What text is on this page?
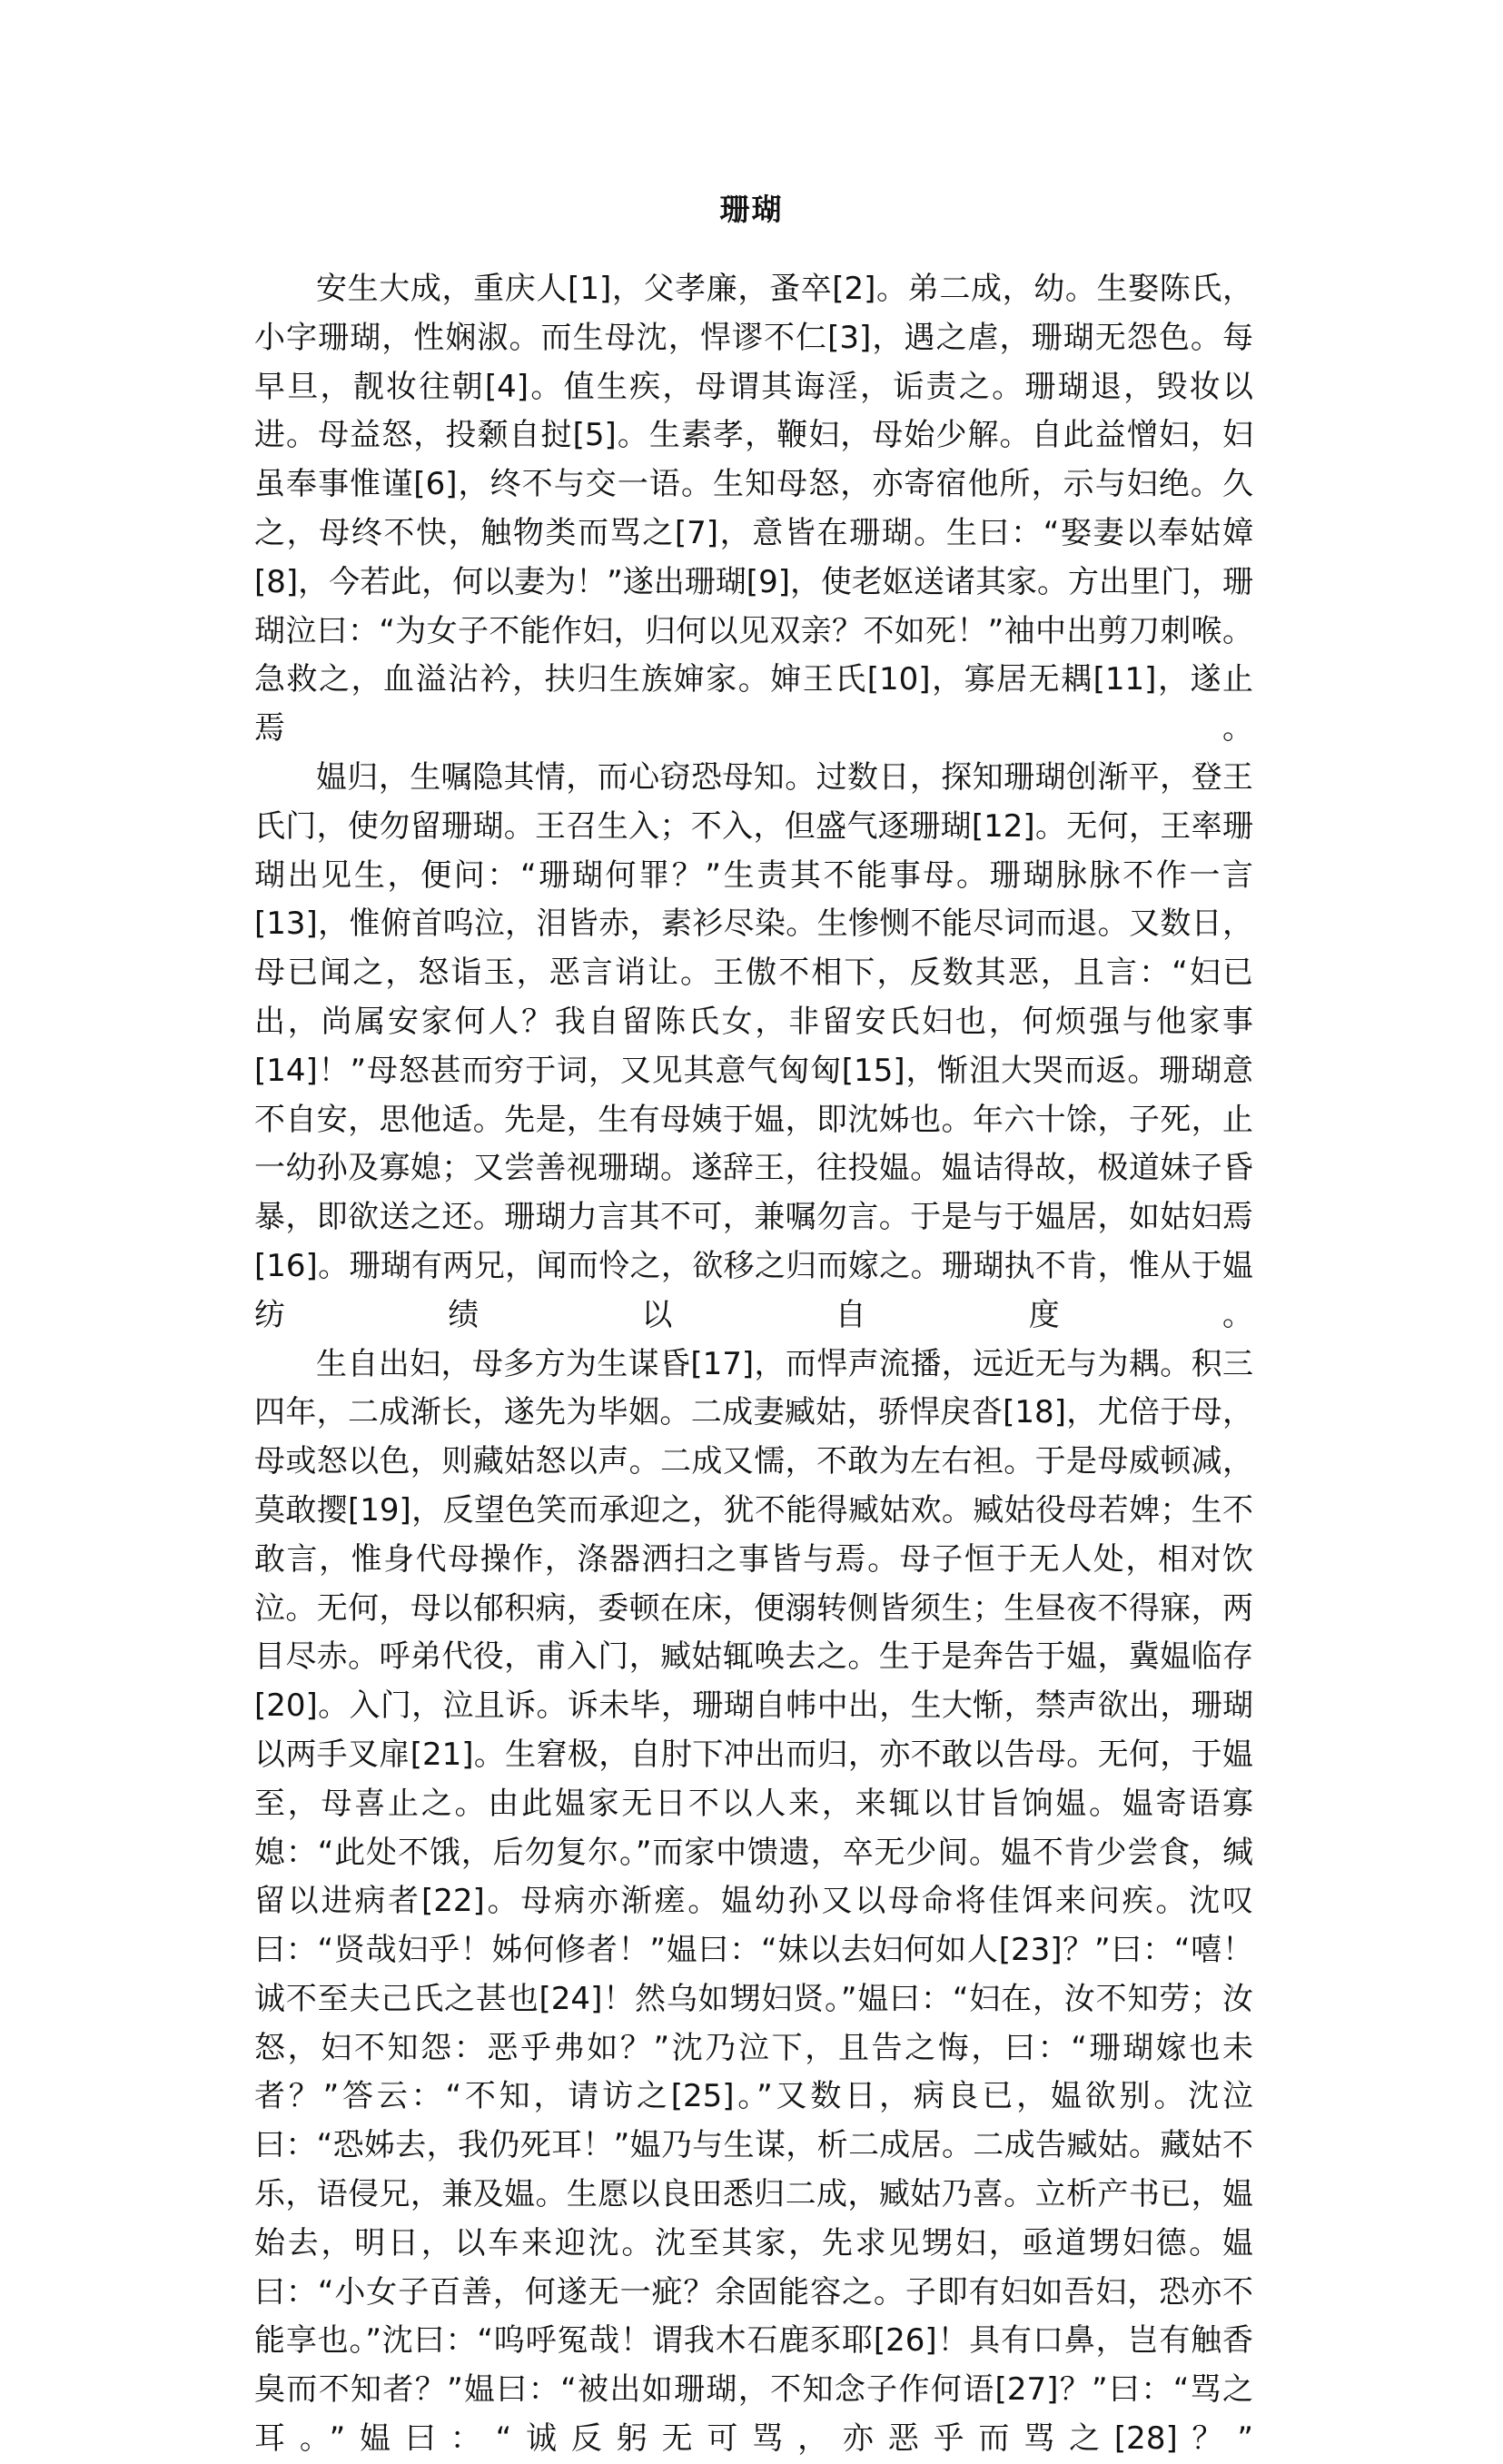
珊瑚

安生大成，重庆人[1]，父孝廉，蚤卒[2]。弟二成，幼。生娶陈氏，小字珊瑚，性娴淑。而生母沈，悍谬不仁[3]，遇之虐，珊瑚无怨色。每早旦，靓妆往朝[4]。值生疾，母谓其诲淫，诟责之。珊瑚退，毁妆以进。母益怒，投颡自挝[5]。生素孝，鞭妇，母始少解。自此益憎妇，妇虽奉事惟谨[6]，终不与交一语。生知母怒，亦寄宿他所，示与妇绝。久之，母终不快，触物类而骂之[7]，意皆在珊瑚。生曰：“娶妻以奉姑嫜[8]，今若此，何以妻为！”遂出珊瑚[9]，使老妪送诸其家。方出里门，珊瑚泣曰：“为女子不能作妇，归何以见双亲？不如死！”袖中出剪刀刺喉。急救之，血溢沾衿，扶归生族婶家。婶王氏[10]，寡居无耦[11]，遂止焉。

媪归，生嘱隐其情，而心窃恐母知。过数日，探知珊瑚创渐平，登王氏门，使勿留珊瑚。王召生入；不入，但盛气逐珊瑚[12]。无何，王率珊瑚出见生，便问：“珊瑚何罪？”生责其不能事母。珊瑚脉脉不作一言[13]，惟俯首呜泣，泪皆赤，素衫尽染。生惨恻不能尽词而退。又数日，母已闻之，怒诣玉，恶言诮让。王傲不相下，反数其恶，且言：“妇已出，尚属安家何人？我自留陈氏女，非留安氏妇也，何烦强与他家事[14]！”母怒甚而穷于词，又见其意气匈匈[15]，惭沮大哭而返。珊瑚意不自安，思他适。先是，生有母姨于媪，即沈姊也。年六十馀，子死，止一幼孙及寡媳；又尝善视珊瑚。遂辞王，往投媪。媪诘得故，极道妹子昏暴，即欲送之还。珊瑚力言其不可，兼嘱勿言。于是与于媪居，如姑妇焉[16]。珊瑚有两兄，闻而怜之，欲移之归而嫁之。珊瑚执不肯，惟从于媪纺绩以自度。

生自出妇，母多方为生谋昏[17]，而悍声流播，远近无与为耦。积三四年，二成渐长，遂先为毕姻。二成妻臧姑，骄悍戾沓[18]，尤倍于母，母或怒以色，则藏姑怒以声。二成又懦，不敢为左右袒。于是母威顿减，莫敢撄[19]，反望色笑而承迎之，犹不能得臧姑欢。臧姑役母若婢；生不敢言，惟身代母操作，涤器洒扫之事皆与焉。母子恒于无人处，相对饮泣。无何，母以郁积病，委顿在床，便溺转侧皆须生；生昼夜不得寐，两目尽赤。呼弟代役，甫入门，臧姑辄唤去之。生于是奔告于媪，冀媪临存[20]。入门，泣且诉。诉未毕，珊瑚自帏中出，生大惭，禁声欲出，珊瑚以两手叉扉[21]。生窘极，自肘下冲出而归，亦不敢以告母。无何，于媪至，母喜止之。由此媪家无日不以人来，来辄以甘旨饷媪。媪寄语寡媳：“此处不饿，后勿复尔。”而家中馈遗，卒无少间。媪不肯少尝食，缄留以进病者[22]。母病亦渐瘥。媪幼孙又以母命将佳饵来问疾。沈叹曰：“贤哉妇乎！姊何修者！”媪曰：“妹以去妇何如人[23]？”曰：“嘻！诚不至夫己氏之甚也[24]！然乌如甥妇贤。”媪曰：“妇在，汝不知劳；汝怒，妇不知怨：恶乎弗如？”沈乃泣下，且告之悔，曰：“珊瑚嫁也未者？”答云：“不知，请访之[25]。”又数日，病良已，媪欲别。沈泣曰：“恐姊去，我仍死耳！”媪乃与生谋，析二成居。二成告臧姑。藏姑不乐，语侵兄，兼及媪。生愿以良田悉归二成，臧姑乃喜。立析产书已，媪始去，明日，以车来迎沈。沈至其家，先求见甥妇，亟道甥妇德。媪曰：“小女子百善，何遂无一疵？余固能容之。子即有妇如吾妇，恐亦不能享也。”沈曰：“呜呼冤哉！谓我木石鹿豕耶[26]！具有口鼻，岂有触香臭而不知者？”媪曰：“被出如珊瑚，不知念子作何语[27]？”曰：“骂之耳。”媪曰：“诚反躬无可骂，亦恶乎而骂之[28]？”
